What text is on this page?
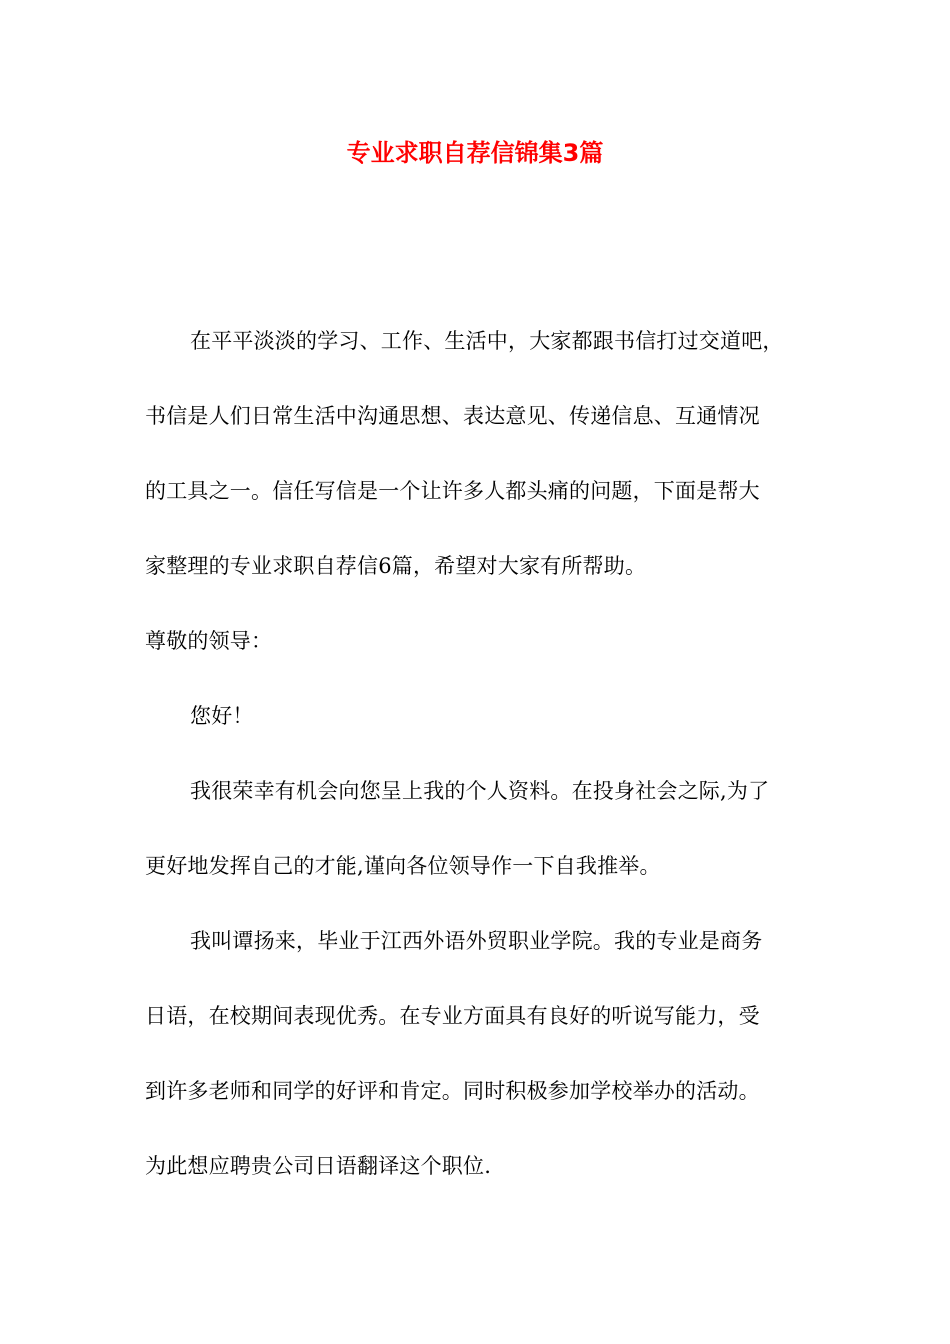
专业求职自荐信锦集3篇
在平平淡淡的学习、工作、生活中，大家都跟书信打过交道吧，
书信是人们日常生活中沟通思想、表达意见、传递信息、互通情况
的工具之一。信任写信是一个让许多人都头痛的问题，下面是帮大
家整理的专业求职自荐信6篇，希望对大家有所帮助。
尊敬的领导：
您好！
我很荣幸有机会向您呈上我的个人资料。在投身社会之际,为了
更好地发挥自己的才能,谨向各位领导作一下自我推举。
我叫谭扬来，毕业于江西外语外贸职业学院。我的专业是商务
日语，在校期间表现优秀。在专业方面具有良好的听说写能力，受
到许多老师和同学的好评和肯定。同时积极参加学校举办的活动。
为此想应聘贵公司日语翻译这个职位.
